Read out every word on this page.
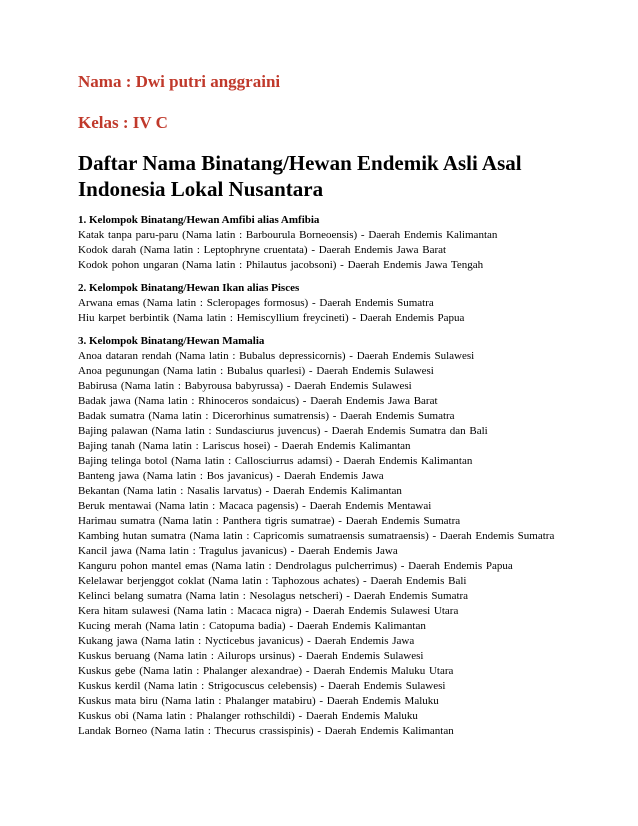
Nama : Dwi putri anggraini

Kelas : IV C

Daftar Nama Binatang/Hewan Endemik Asli Asal Indonesia Lokal Nusantara

1. Kelompok Binatang/Hewan Amfibi alias Amfibia

Katak tanpa paru-paru (Nama latin : Barbourula Borneoensis) - Daerah Endemis Kalimantan

Kodok darah (Nama latin : Leptophryne cruentata) - Daerah Endemis Jawa Barat

Kodok pohon ungaran (Nama latin : Philautus jacobsoni) - Daerah Endemis Jawa Tengah

2. Kelompok Binatang/Hewan Ikan alias Pisces

Arwana emas (Nama latin : Scleropages formosus) - Daerah Endemis Sumatra

Hiu karpet berbintik (Nama latin : Hemiscyllium freycineti) - Daerah Endemis Papua

3. Kelompok Binatang/Hewan Mamalia

Anoa dataran rendah (Nama latin : Bubalus depressicornis) - Daerah Endemis Sulawesi

Anoa pegunungan (Nama latin : Bubalus quarlesi) - Daerah Endemis Sulawesi

Babirusa (Nama latin : Babyrousa babyrussa) - Daerah Endemis Sulawesi

Badak jawa (Nama latin : Rhinoceros sondaicus) - Daerah Endemis Jawa Barat

Badak sumatra (Nama latin : Dicerorhinus sumatrensis) - Daerah Endemis Sumatra

Bajing palawan (Nama latin : Sundasciurus juvencus) - Daerah Endemis Sumatra dan Bali

Bajing tanah (Nama latin : Lariscus hosei) - Daerah Endemis Kalimantan

Bajing telinga botol (Nama latin : Callosciurrus adamsi) - Daerah Endemis Kalimantan

Banteng jawa (Nama latin : Bos javanicus) - Daerah Endemis Jawa

Bekantan (Nama latin : Nasalis larvatus) - Daerah Endemis Kalimantan

Beruk mentawai (Nama latin : Macaca pagensis) - Daerah Endemis Mentawai

Harimau sumatra (Nama latin : Panthera tigris sumatrae) - Daerah Endemis Sumatra

Kambing hutan sumatra (Nama latin : Capricomis sumatraensis sumatraensis) - Daerah Endemis Sumatra

Kancil jawa (Nama latin : Tragulus javanicus) - Daerah Endemis Jawa

Kanguru pohon mantel emas (Nama latin : Dendrolagus pulcherrimus) - Daerah Endemis Papua

Kelelawar berjenggot coklat (Nama latin : Taphozous achates) - Daerah Endemis Bali

Kelinci belang sumatra (Nama latin : Nesolagus netscheri) - Daerah Endemis Sumatra

Kera hitam sulawesi (Nama latin : Macaca nigra) - Daerah Endemis Sulawesi Utara

Kucing merah (Nama latin : Catopuma badia) - Daerah Endemis Kalimantan

Kukang jawa (Nama latin : Nycticebus javanicus) - Daerah Endemis Jawa

Kuskus beruang (Nama latin : Ailurops ursinus) - Daerah Endemis Sulawesi

Kuskus gebe (Nama latin : Phalanger alexandrae) - Daerah Endemis Maluku Utara

Kuskus kerdil (Nama latin : Strigocuscus celebensis) - Daerah Endemis Sulawesi

Kuskus mata biru (Nama latin : Phalanger matabiru) - Daerah Endemis Maluku

Kuskus obi (Nama latin : Phalanger rothschildi) - Daerah Endemis Maluku

Landak Borneo (Nama latin : Thecurus crassispinis) - Daerah Endemis Kalimantan
